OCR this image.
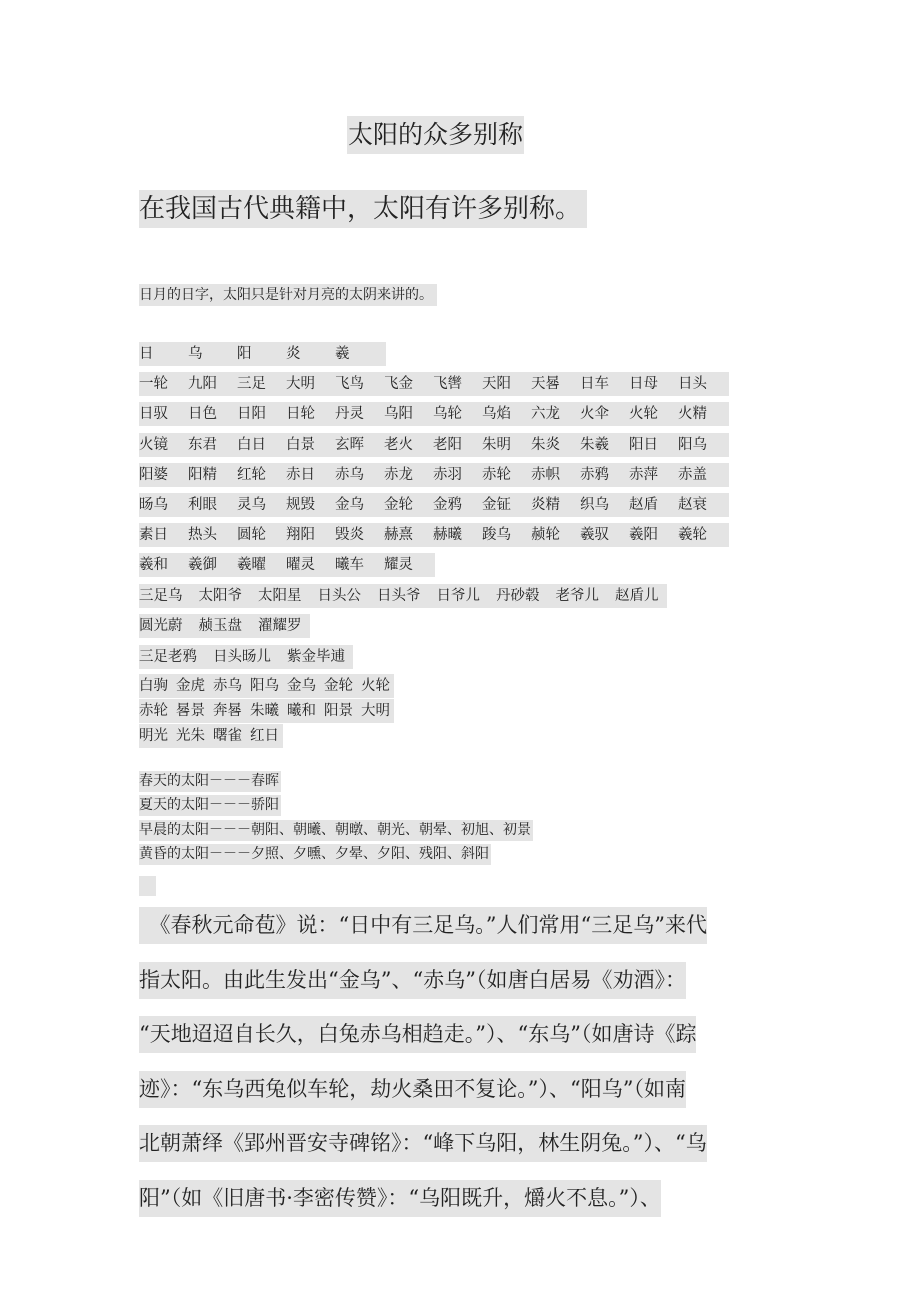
太阳的众多别称
在我国古代典籍中，太阳有许多别称。
日月的日字，太阳只是针对月亮的太阴来讲的。
日	乌	阳	炎	羲
一轮	九阳	三足	大明	飞鸟	飞金	飞辔	天阳	天晷	日车	日母	日头
日驭	日色	日阳	日轮	丹灵	乌阳	乌轮	乌焰	六龙	火伞	火轮	火精
火镜	东君	白日	白景	玄晖	老火	老阳	朱明	朱炎	朱羲	阳日	阳乌
阳婆	阳精	红轮	赤日	赤乌	赤龙	赤羽	赤轮	赤帜	赤鸦	赤萍	赤盖
旸乌	利眼	灵乌	规毁	金乌	金轮	金鸦	金钲	炎精	织乌	赵盾	赵衰
素日	热头	圆轮	翔阳	毁炎	赫熹	赫曦	踆乌	赪轮	羲驭	羲阳	羲轮
羲和	羲御	羲曜	曜灵	曦车	耀灵
三足乌 太阳爷 太阳星 日头公 日头爷 日爷儿 丹砂毂 老爷儿 赵盾儿
圆光蔚 赪玉盘 濯耀罗
三足老鸦 日头旸儿 紫金毕逋
白驹 金虎 赤乌 阳乌 金乌 金轮 火轮
赤轮 晷景 奔晷 朱曦 曦和 阳景 大明
明光 光朱 曙雀 红日
春天的太阳－－－春晖
夏天的太阳－－－骄阳
早晨的太阳－－－朝阳、朝曦、朝暾、朝光、朝晕、初旭、初景
黄昏的太阳－－－夕照、夕曛、夕晕、夕阳、残阳、斜阳
　《春秋元命苞》说：“日中有三足乌。”人们常用“三足乌”来代
指太阳。由此生发出“金乌”、“赤乌”（如唐白居易《劝酒》：
“天地迢迢自长久，白兔赤乌相趋走。”）、“东乌”（如唐诗《踪
迹》：“东乌西兔似车轮，劫火桑田不复论。”）、“阳乌”（如南
北朝萧绎《郢州晋安寺碑铭》：“峰下乌阳，林生阴兔。”）、“乌
阳”（如《旧唐书·李密传赞》：“乌阳既升，爝火不息。”）、
